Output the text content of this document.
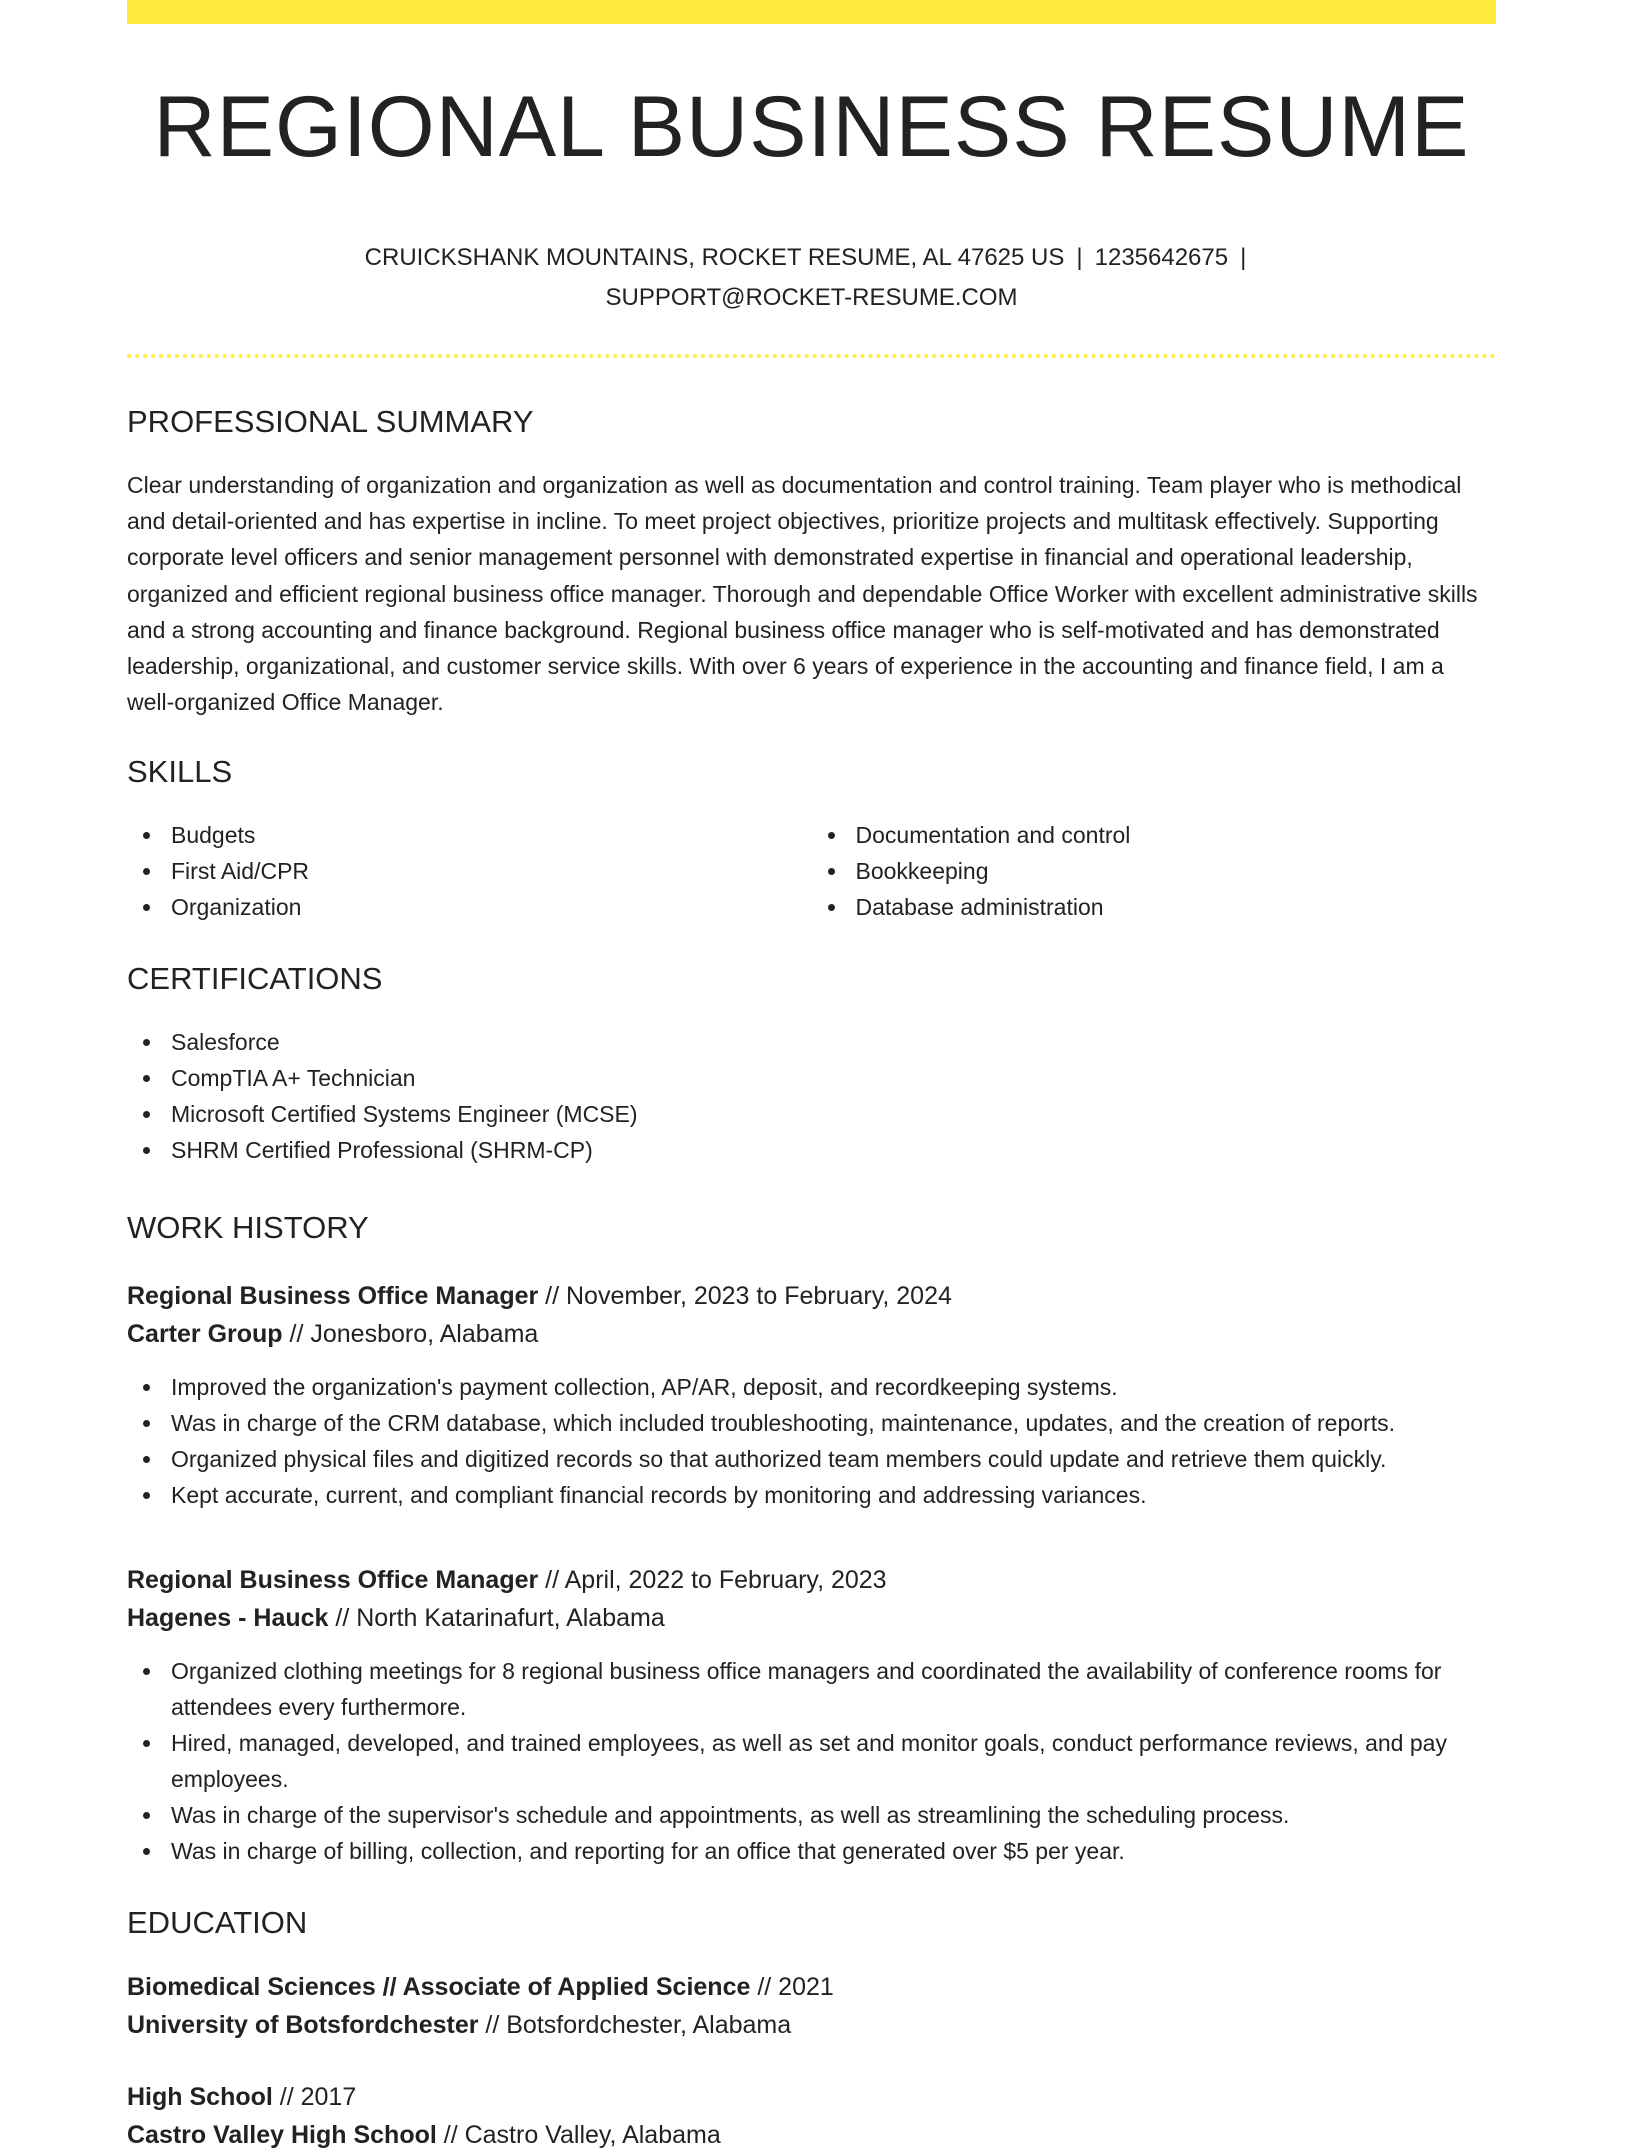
REGIONAL BUSINESS RESUME
CRUICKSHANK MOUNTAINS, ROCKET RESUME, AL 47625 US | 1235642675 |
SUPPORT@ROCKET-RESUME.COM
PROFESSIONAL SUMMARY

Clear understanding of organization and organization as well as documentation and control training. Team player who is methodical and detail-oriented and has expertise in incline. To meet project objectives, prioritize projects and multitask effectively. Supporting corporate level officers and senior management personnel with demonstrated expertise in financial and operational leadership, organized and efficient regional business office manager. Thorough and dependable Office Worker with excellent administrative skills and a strong accounting and finance background. Regional business office manager who is self-motivated and has demonstrated leadership, organizational, and customer service skills. With over 6 years of experience in the accounting and finance field, I am a well-organized Office Manager.

SKILLS
Budgets
First Aid/CPR
Organization
Documentation and control
Bookkeeping
Database administration
CERTIFICATIONS
Salesforce
CompTIA A+ Technician
Microsoft Certified Systems Engineer (MCSE)
SHRM Certified Professional (SHRM-CP)
WORK HISTORY
Regional Business Office Manager // November, 2023 to February, 2024
Carter Group // Jonesboro, Alabama
Improved the organization's payment collection, AP/AR, deposit, and recordkeeping systems.
Was in charge of the CRM database, which included troubleshooting, maintenance, updates, and the creation of reports.
Organized physical files and digitized records so that authorized team members could update and retrieve them quickly.
Kept accurate, current, and compliant financial records by monitoring and addressing variances.
Regional Business Office Manager // April, 2022 to February, 2023
Hagenes - Hauck // North Katarinafurt, Alabama
Organized clothing meetings for 8 regional business office managers and coordinated the availability of conference rooms for attendees every furthermore.
Hired, managed, developed, and trained employees, as well as set and monitor goals, conduct performance reviews, and pay employees.
Was in charge of the supervisor's schedule and appointments, as well as streamlining the scheduling process.
Was in charge of billing, collection, and reporting for an office that generated over $5 per year.
EDUCATION
Biomedical Sciences // Associate of Applied Science // 2021
University of Botsfordchester // Botsfordchester, Alabama
High School // 2017
Castro Valley High School // Castro Valley, Alabama
